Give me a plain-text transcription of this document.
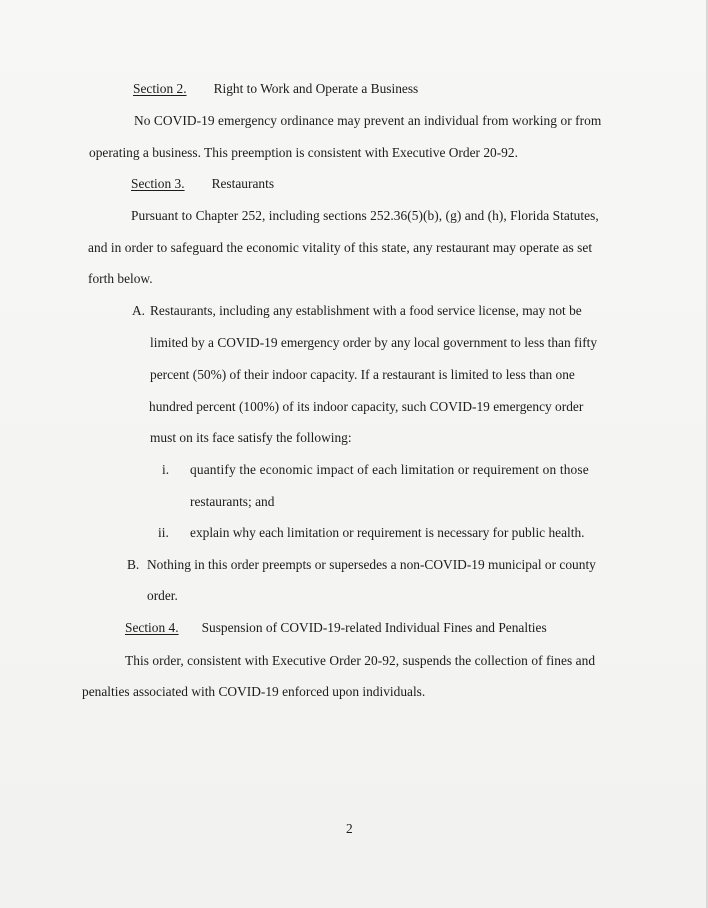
Section 2. Right to Work and Operate a Business
No COVID-19 emergency ordinance may prevent an individual from working or from
operating a business. This preemption is consistent with Executive Order 20-92.
Section 3. Restaurants
Pursuant to Chapter 252, including sections 252.36(5)(b), (g) and (h), Florida Statutes,
and in order to safeguard the economic vitality of this state, any restaurant may operate as set
forth below.
A. Restaurants, including any establishment with a food service license, may not be
limited by a COVID-19 emergency order by any local government to less than fifty
percent (50%) of their indoor capacity. If a restaurant is limited to less than one
hundred percent (100%) of its indoor capacity, such COVID-19 emergency order
must on its face satisfy the following:
i. quantify the economic impact of each limitation or requirement on those
restaurants; and
ii. explain why each limitation or requirement is necessary for public health.
B. Nothing in this order preempts or supersedes a non-COVID-19 municipal or county
order.
Section 4. Suspension of COVID-19-related Individual Fines and Penalties
This order, consistent with Executive Order 20-92, suspends the collection of fines and
penalties associated with COVID-19 enforced upon individuals.
2
